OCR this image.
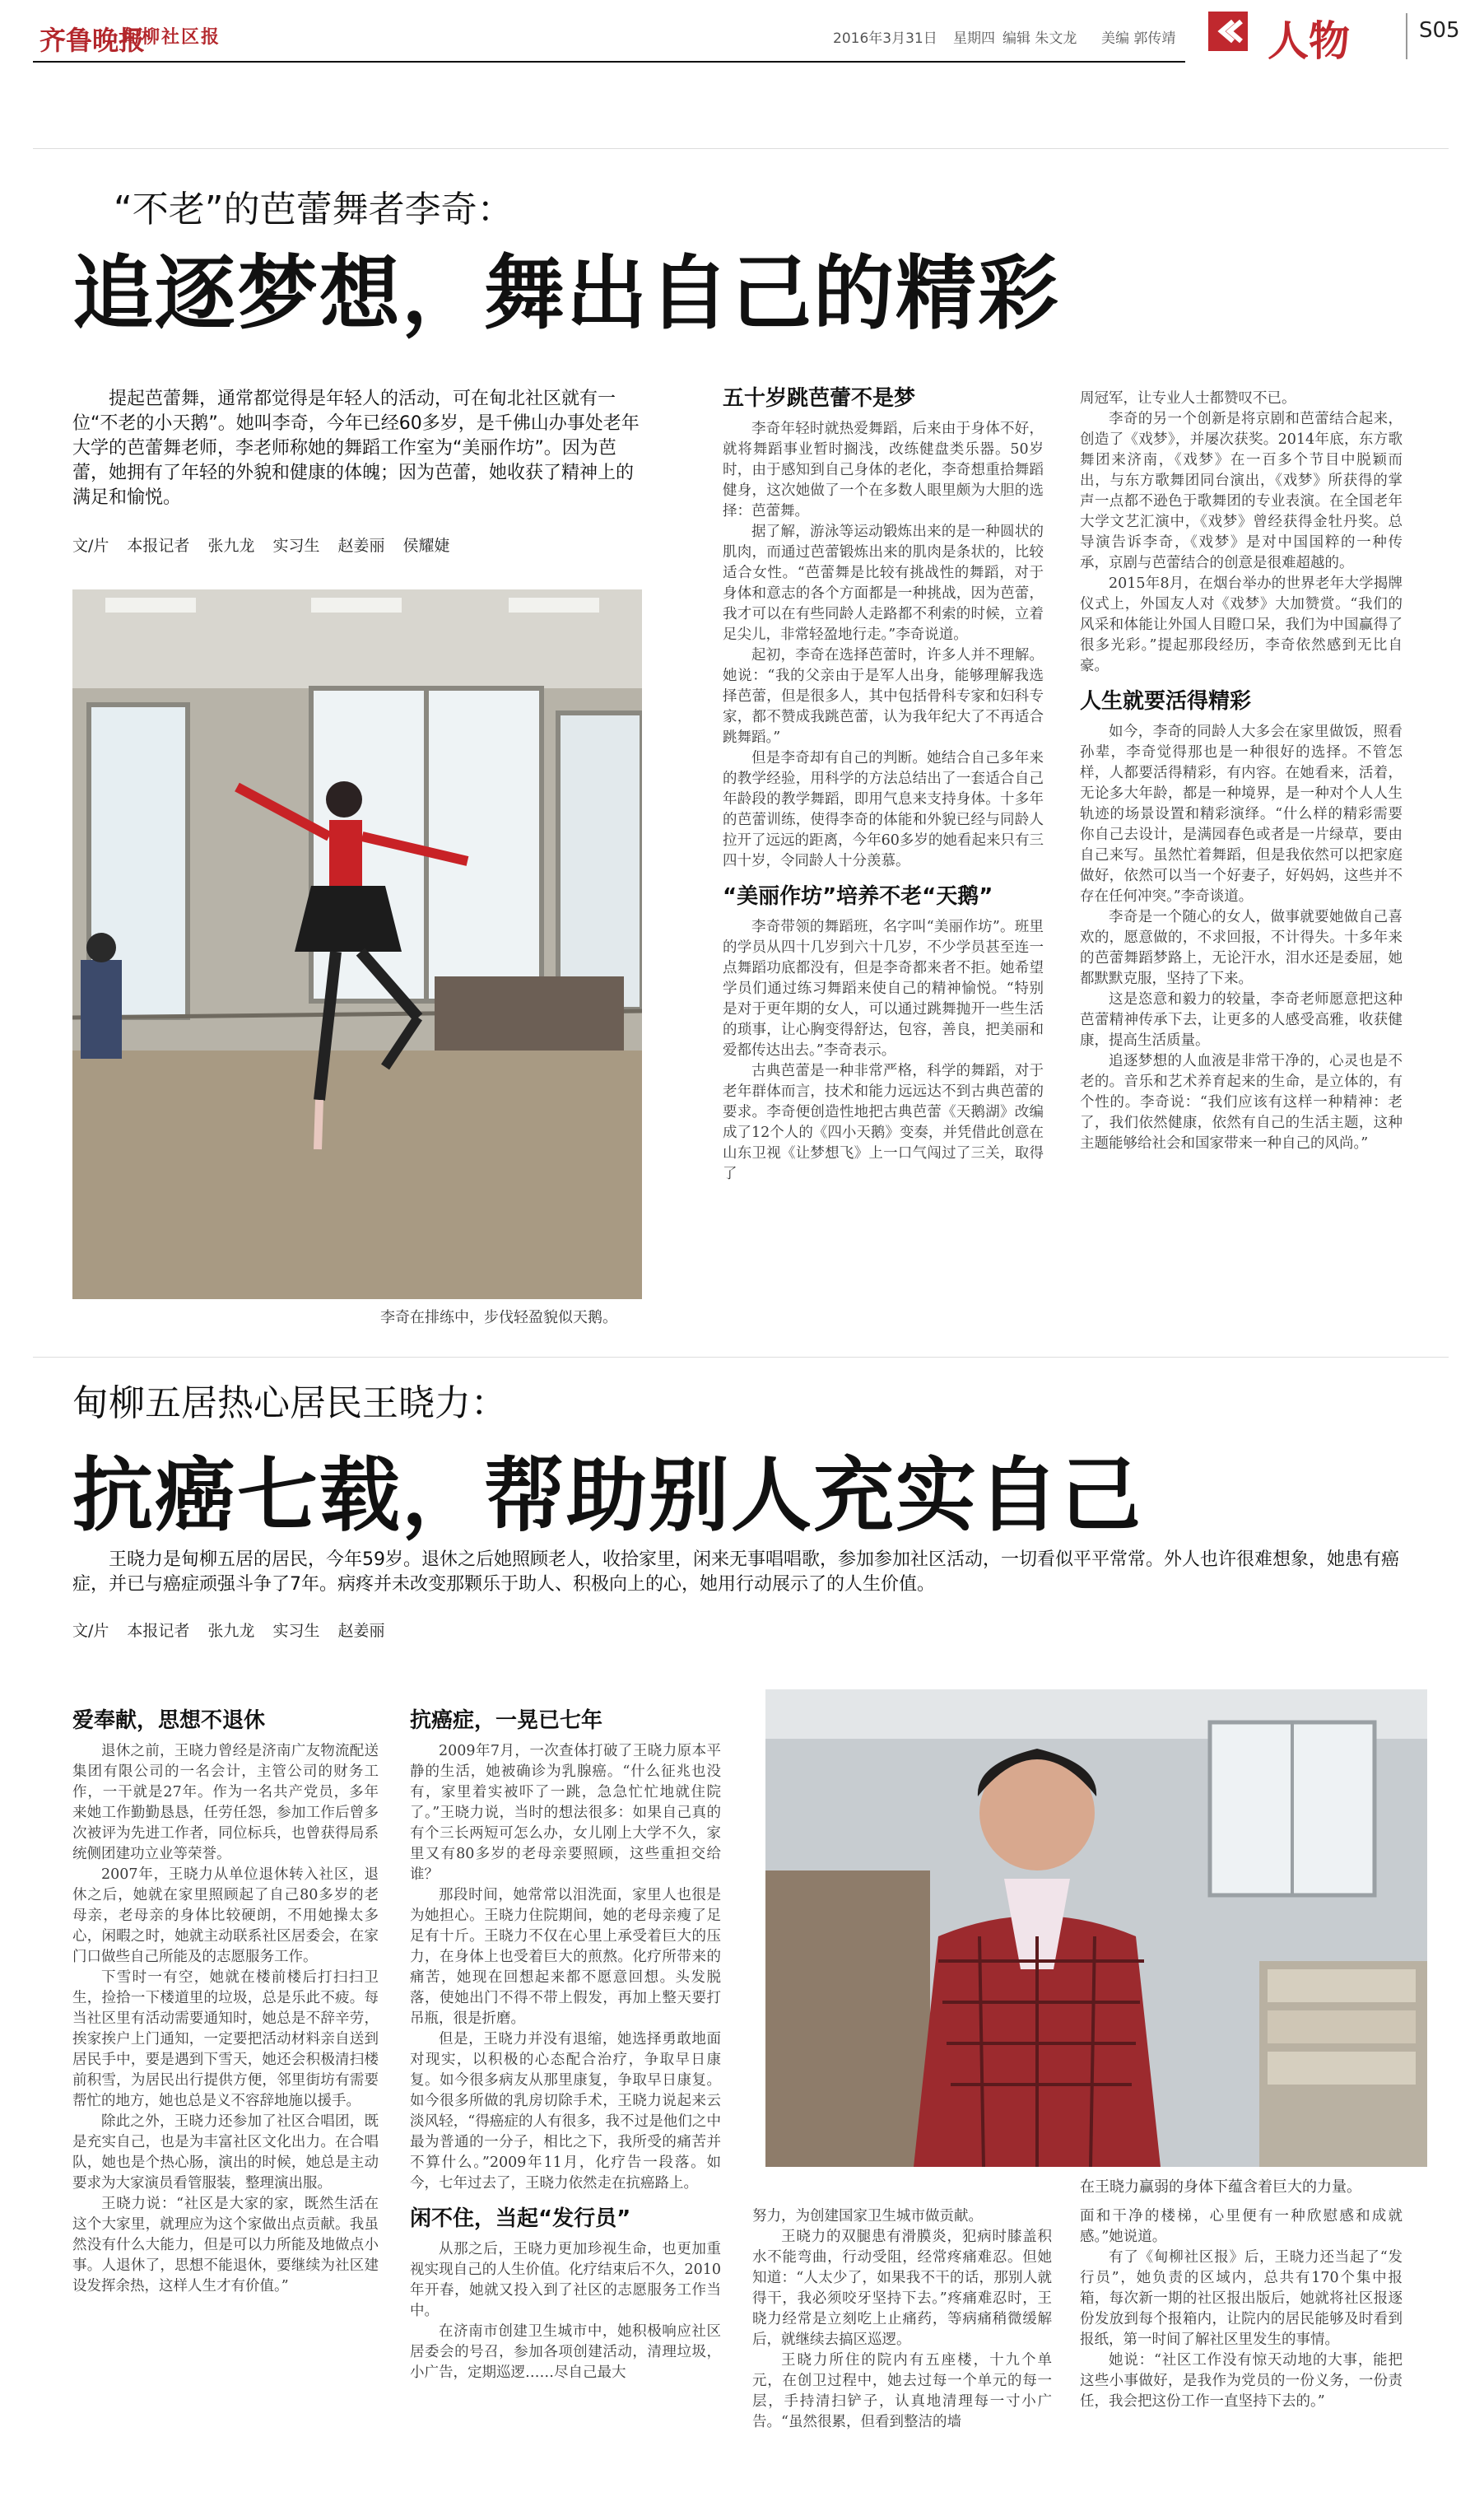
齐鲁晚报
甸柳社区报	2016年3月31日 星期四 编辑 朱文龙 美编 郭传靖 人物	S05
“不老”的芭蕾舞者李奇：
追逐梦想，舞出自己的精彩
提起芭蕾舞，通常都觉得是年轻人的活动，可在甸北社区就有一位“不老的小天鹅”。她叫李奇，今年已经60多岁，是千佛山办事处老年大学的芭蕾舞老师，李老师称她的舞蹈工作室为“美丽作坊”。因为芭蕾，她拥有了年轻的外貌和健康的体魄；因为芭蕾，她收获了精神上的满足和愉悦。
文/片 本报记者 张九龙 实习生 赵姜丽 侯耀婕
李奇在排练中，步伐轻盈貌似天鹅。
五十岁跳芭蕾不是梦

李奇年轻时就热爱舞蹈，后来由于身体不好，就将舞蹈事业暂时搁浅，改练健盘类乐器。50岁时，由于感知到自己身体的老化，李奇想重拾舞蹈健身，这次她做了一个在多数人眼里颇为大胆的选择：芭蕾舞。

据了解，游泳等运动锻炼出来的是一种圆状的肌肉，而通过芭蕾锻炼出来的肌肉是条状的，比较适合女性。“芭蕾舞是比较有挑战性的舞蹈，对于身体和意志的各个方面都是一种挑战，因为芭蕾，我才可以在有些同龄人走路都不利索的时候，立着足尖儿，非常轻盈地行走。”李奇说道。

起初，李奇在选择芭蕾时，许多人并不理解。她说：“我的父亲由于是军人出身，能够理解我选择芭蕾，但是很多人，其中包括骨科专家和妇科专家，都不赞成我跳芭蕾，认为我年纪大了不再适合跳舞蹈。”

但是李奇却有自己的判断。她结合自己多年来的教学经验，用科学的方法总结出了一套适合自己年龄段的教学舞蹈，即用气息来支持身体。十多年的芭蕾训练，使得李奇的体能和外貌已经与同龄人拉开了远远的距离，今年60多岁的她看起来只有三四十岁，令同龄人十分羡慕。

“美丽作坊”培养不老“天鹅”

李奇带领的舞蹈班，名字叫“美丽作坊”。班里的学员从四十几岁到六十几岁，不少学员甚至连一点舞蹈功底都没有，但是李奇都来者不拒。她希望学员们通过练习舞蹈来使自己的精神愉悦。“特别是对于更年期的女人，可以通过跳舞抛开一些生活的琐事，让心胸变得舒达，包容，善良，把美丽和爱都传达出去。”李奇表示。

古典芭蕾是一种非常严格，科学的舞蹈，对于老年群体而言，技术和能力远远达不到古典芭蕾的要求。李奇便创造性地把古典芭蕾《天鹅湖》改编成了12个人的《四小天鹅》变奏，并凭借此创意在山东卫视《让梦想飞》上一口气闯过了三关，取得了

周冠军，让专业人士都赞叹不已。

李奇的另一个创新是将京剧和芭蕾结合起来，创造了《戏梦》，并屡次获奖。2014年底，东方歌舞团来济南，《戏梦》在一百多个节目中脱颖而出，与东方歌舞团同台演出，《戏梦》所获得的掌声一点都不逊色于歌舞团的专业表演。在全国老年大学文艺汇演中，《戏梦》曾经获得金牡丹奖。总导演告诉李奇，《戏梦》是对中国国粹的一种传承，京剧与芭蕾结合的创意是很难超越的。

2015年8月，在烟台举办的世界老年大学揭牌仪式上，外国友人对《戏梦》大加赞赏。“我们的风采和体能让外国人目瞪口呆，我们为中国赢得了很多光彩。”提起那段经历，李奇依然感到无比自豪。

人生就要活得精彩

如今，李奇的同龄人大多会在家里做饭，照看孙辈，李奇觉得那也是一种很好的选择。不管怎样，人都要活得精彩，有内容。在她看来，活着，无论多大年龄，都是一种境界，是一种对个人人生轨迹的场景设置和精彩演绎。“什么样的精彩需要你自己去设计，是满园春色或者是一片绿草，要由自己来写。虽然忙着舞蹈，但是我依然可以把家庭做好，依然可以当一个好妻子，好妈妈，这些并不存在任何冲突。”李奇谈道。

李奇是一个随心的女人，做事就要她做自己喜欢的，愿意做的，不求回报，不计得失。十多年来的芭蕾舞蹈梦路上，无论汗水，泪水还是委屈，她都默默克服，坚持了下来。

这是恣意和毅力的较量，李奇老师愿意把这种芭蕾精神传承下去，让更多的人感受高雅，收获健康，提高生活质量。

追逐梦想的人血液是非常干净的，心灵也是不老的。音乐和艺术养育起来的生命，是立体的，有个性的。李奇说：“我们应该有这样一种精神：老了，我们依然健康，依然有自己的生活主题，这种主题能够给社会和国家带来一种自己的风尚。”

甸柳五居热心居民王晓力：
抗癌七载，帮助别人充实自己
王晓力是甸柳五居的居民，今年59岁。退休之后她照顾老人，收拾家里，闲来无事唱唱歌，参加参加社区活动，一切看似平平常常。外人也许很难想象，她患有癌症，并已与癌症顽强斗争了7年。病疼并未改变那颗乐于助人、积极向上的心，她用行动展示了的人生价值。
文/片 本报记者 张九龙 实习生 赵姜丽
爱奉献，思想不退休

退休之前，王晓力曾经是济南广友物流配送集团有限公司的一名会计，主管公司的财务工作，一干就是27年。作为一名共产党员，多年来她工作勤勤恳恳，任劳任怨，参加工作后曾多次被评为先进工作者，同位标兵，也曾获得局系统侧团建功立业等荣誉。

2007年，王晓力从单位退休转入社区，退休之后，她就在家里照顾起了自己80多岁的老母亲，老母亲的身体比较硬朗，不用她操太多心，闲暇之时，她就主动联系社区居委会，在家门口做些自己所能及的志愿服务工作。

下雪时一有空，她就在楼前楼后打扫扫卫生，捡拾一下楼道里的垃圾，总是乐此不疲。每当社区里有活动需要通知时，她总是不辞辛劳，挨家挨户上门通知，一定要把活动材料亲自送到居民手中，要是遇到下雪天，她还会积极清扫楼前积雪，为居民出行提供方便，邻里街坊有需要帮忙的地方，她也总是义不容辞地施以援手。

除此之外，王晓力还参加了社区合唱团，既是充实自己，也是为丰富社区文化出力。在合唱队，她也是个热心肠，演出的时候，她总是主动要求为大家演员看管服装，整理演出服。

王晓力说：“社区是大家的家，既然生活在这个大家里，就理应为这个家做出点贡献。我虽然没有什么大能力，但是可以力所能及地做点小事。人退休了，思想不能退休，要继续为社区建设发挥余热，这样人生才有价值。”

抗癌症，一晃已七年

2009年7月，一次查体打破了王晓力原本平静的生活，她被确诊为乳腺癌。“什么征兆也没有，家里着实被吓了一跳，急急忙忙地就住院了。”王晓力说，当时的想法很多：如果自己真的有个三长两短可怎么办，女儿刚上大学不久，家里又有80多岁的老母亲要照顾，这些重担交给谁？

那段时间，她常常以泪洗面，家里人也很是为她担心。王晓力住院期间，她的老母亲瘦了足足有十斤。王晓力不仅在心里上承受着巨大的压力，在身体上也受着巨大的煎熬。化疗所带来的痛苦，她现在回想起来都不愿意回想。头发脱落，使她出门不得不带上假发，再加上整天要打吊瓶，很是折磨。

但是，王晓力并没有退缩，她选择勇敢地面对现实，以积极的心态配合治疗，争取早日康复。如今很多病友从那里康复，争取早日康复。如今很多所做的乳房切除手术，王晓力说起来云淡风轻，“得癌症的人有很多，我不过是他们之中最为普通的一分子，相比之下，我所受的痛苦并不算什么。”2009年11月，化疗告一段落。如今，七年过去了，王晓力依然走在抗癌路上。

闲不住，当起“发行员”

从那之后，王晓力更加珍视生命，也更加重视实现自己的人生价值。化疗结束后不久，2010年开春，她就又投入到了社区的志愿服务工作当中。

在济南市创建卫生城市中，她积极响应社区居委会的号召，参加各项创建活动，清理垃圾，小广告，定期巡逻……尽自己最大

在王晓力赢弱的身体下蕴含着巨大的力量。

努力，为创建国家卫生城市做贡献。

王晓力的双腿患有滑膜炎，犯病时膝盖积水不能弯曲，行动受阻，经常疼痛难忍。但她知道：“人太少了，如果我不干的话，那别人就得干，我必须咬牙坚持下去。”疼痛难忍时，王晓力经常是立刻吃上止痛药，等病痛稍微缓解后，就继续去搞区巡逻。

王晓力所住的院内有五座楼，十九个单元，在创卫过程中，她去过每一个单元的每一层，手持清扫铲子，认真地清理每一寸小广告。“虽然很累，但看到整洁的墙

面和干净的楼梯，心里便有一种欣慰感和成就感。”她说道。

有了《甸柳社区报》后，王晓力还当起了“发行员”，她负责的区域内，总共有170个集中报箱，每次新一期的社区报出版后，她就将社区报逐份发放到每个报箱内，让院内的居民能够及时看到报纸，第一时间了解社区里发生的事情。

她说：“社区工作没有惊天动地的大事，能把这些小事做好，是我作为党员的一份义务，一份责任，我会把这份工作一直坚持下去的。”
